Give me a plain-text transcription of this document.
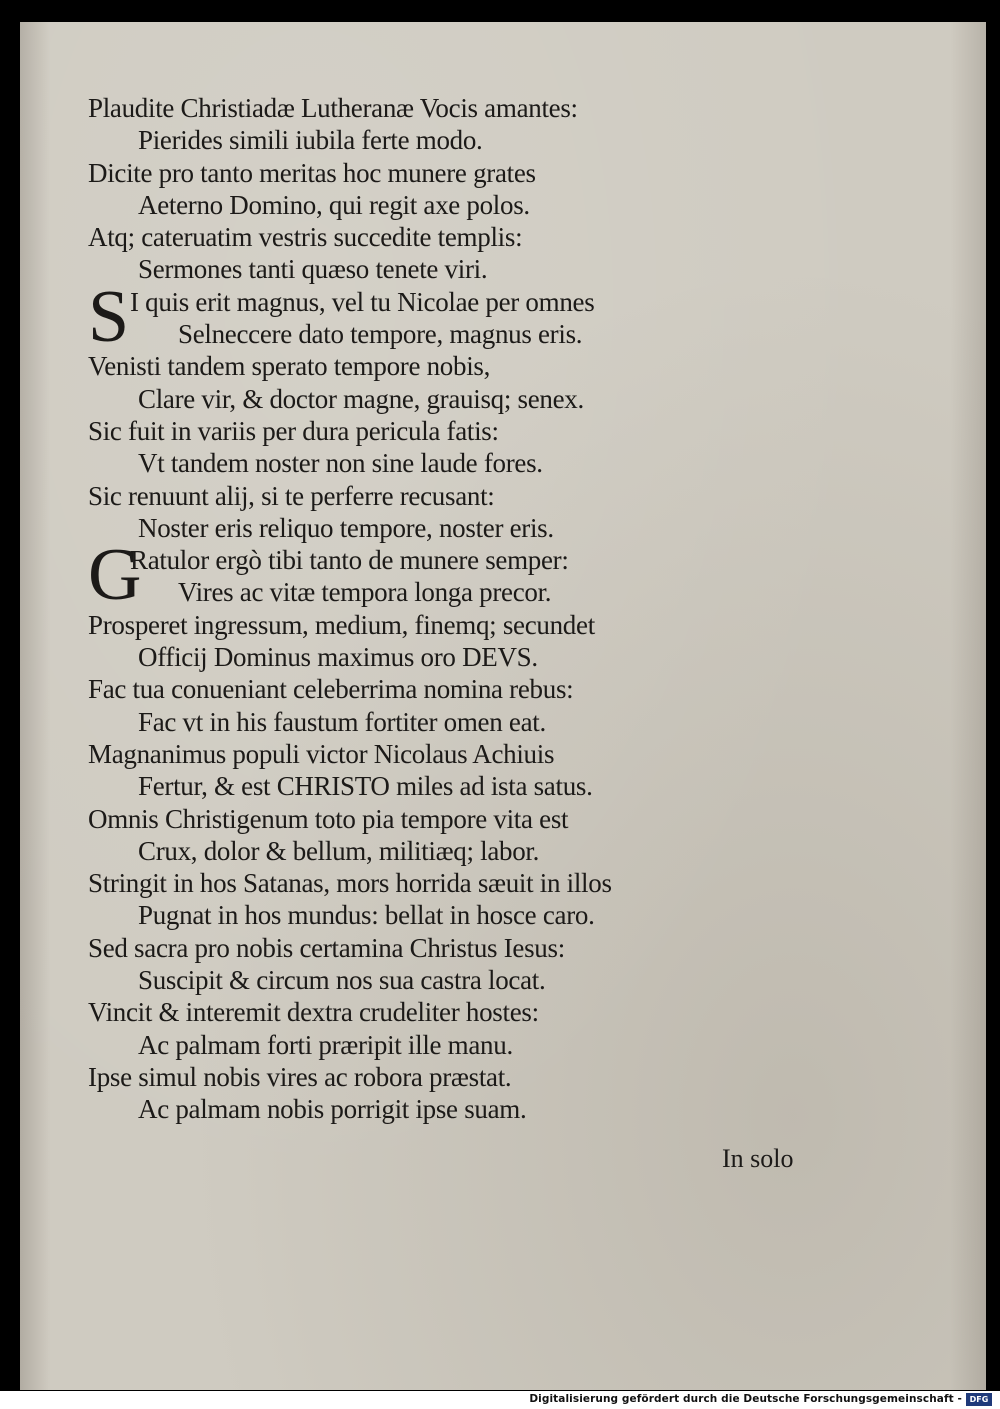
Plaudite Christiadæ Lutheranæ Vocis amantes:
Pierides simili iubila ferte modo.
Dicite pro tanto meritas hoc munere grates
Aeterno Domino, qui regit axe polos.
Atq; cateruatim vestris succedite templis:
Sermones tanti quæso tenete viri.
S I quis erit magnus, vel tu Nicolae per omnes
Selneccere dato tempore, magnus eris.
Venisti tandem sperato tempore nobis,
Clare vir, & doctor magne, grauisq; senex.
Sic fuit in variis per dura pericula fatis:
Vt tandem noster non sine laude fores.
Sic renuunt alij, si te perferre recusant:
Noster eris reliquo tempore, noster eris.
G
Ratulor ergò tibi tanto de munere semper:
Vires ac vitæ tempora longa precor.
Prosperet ingressum, medium, finemq; secundet
Officij Dominus maximus oro DEVS.
Fac tua conueniant celeberrima nomina rebus:
Fac vt in his faustum fortiter omen eat.
Magnanimus populi victor Nicolaus Achiuis
Fertur, & est CHRISTO miles ad ista satus.
Omnis Christigenum toto pia tempore vita est
Crux, dolor & bellum, militiæq; labor.
Stringit in hos Satanas, mors horrida sæuit in illos
Pugnat in hos mundus: bellat in hosce caro.
Sed sacra pro nobis certamina Christus Iesus:
Suscipit & circum nos sua castra locat.
Vincit & interemit dextra crudeliter hostes:
Ac palmam forti præripit ille manu.
Ipse simul nobis vires ac robora præstat.
Ac palmam nobis porrigit ipse suam.
In solo
Digitalisierung gefördert durch die Deutsche Forschungsgemeinschaft - DFG
